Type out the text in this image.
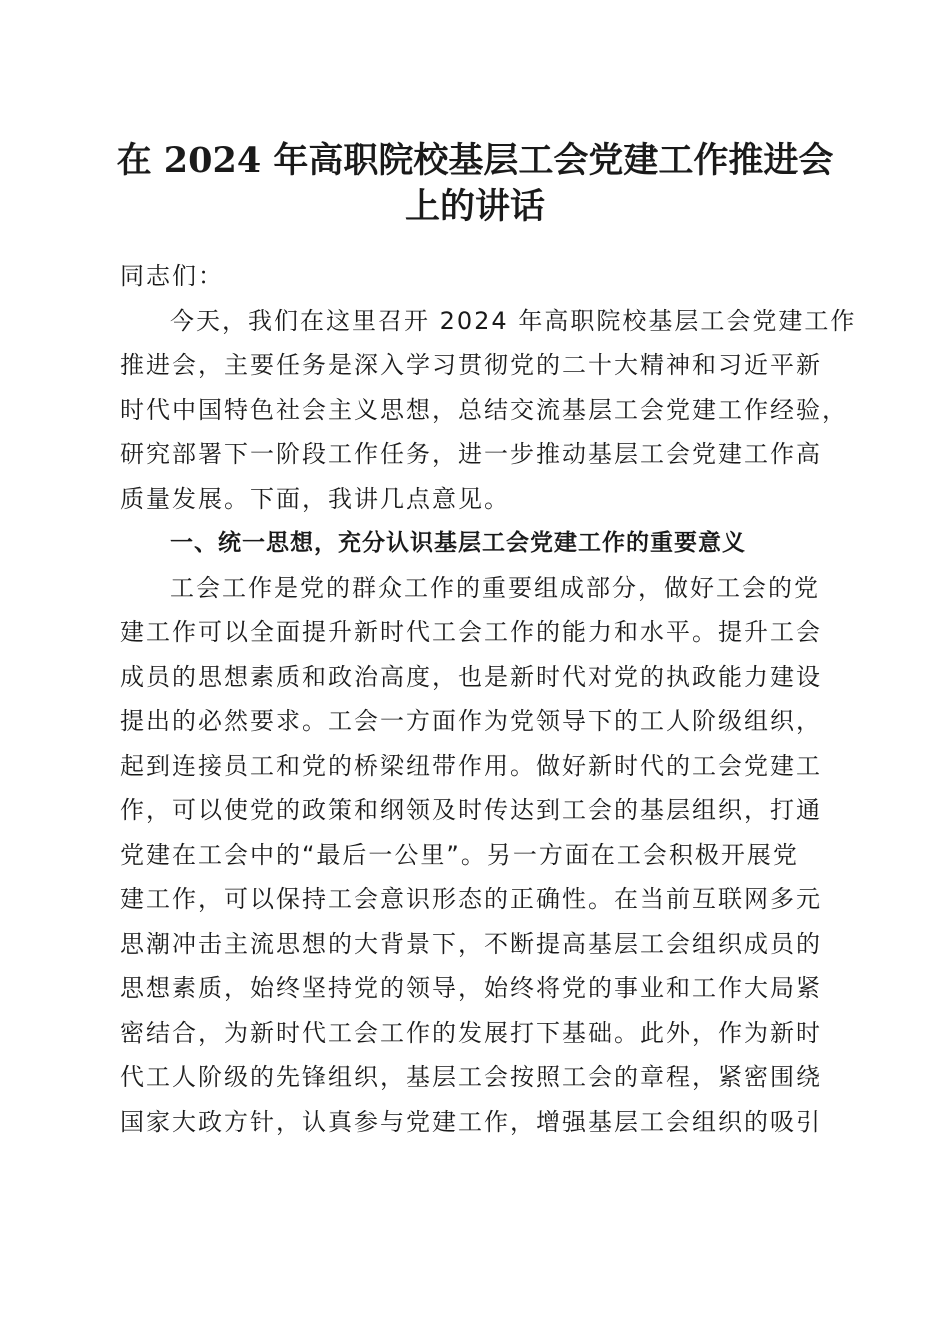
在 2024 年高职院校基层工会党建工作推进会
上的讲话

同志们：

今天，我们在这里召开 2024 年高职院校基层工会党建工作

推进会，主要任务是深入学习贯彻党的二十大精神和习近平新

时代中国特色社会主义思想，总结交流基层工会党建工作经验，

研究部署下一阶段工作任务，进一步推动基层工会党建工作高

质量发展。下面，我讲几点意见。

一、统一思想，充分认识基层工会党建工作的重要意义

工会工作是党的群众工作的重要组成部分，做好工会的党

建工作可以全面提升新时代工会工作的能力和水平。提升工会

成员的思想素质和政治高度，也是新时代对党的执政能力建设

提出的必然要求。工会一方面作为党领导下的工人阶级组织，

起到连接员工和党的桥梁纽带作用。做好新时代的工会党建工

作，可以使党的政策和纲领及时传达到工会的基层组织，打通

党建在工会中的“最后一公里”。另一方面在工会积极开展党

建工作，可以保持工会意识形态的正确性。在当前互联网多元

思潮冲击主流思想的大背景下，不断提高基层工会组织成员的

思想素质，始终坚持党的领导，始终将党的事业和工作大局紧

密结合，为新时代工会工作的发展打下基础。此外，作为新时

代工人阶级的先锋组织，基层工会按照工会的章程，紧密围绕

国家大政方针，认真参与党建工作，增强基层工会组织的吸引
